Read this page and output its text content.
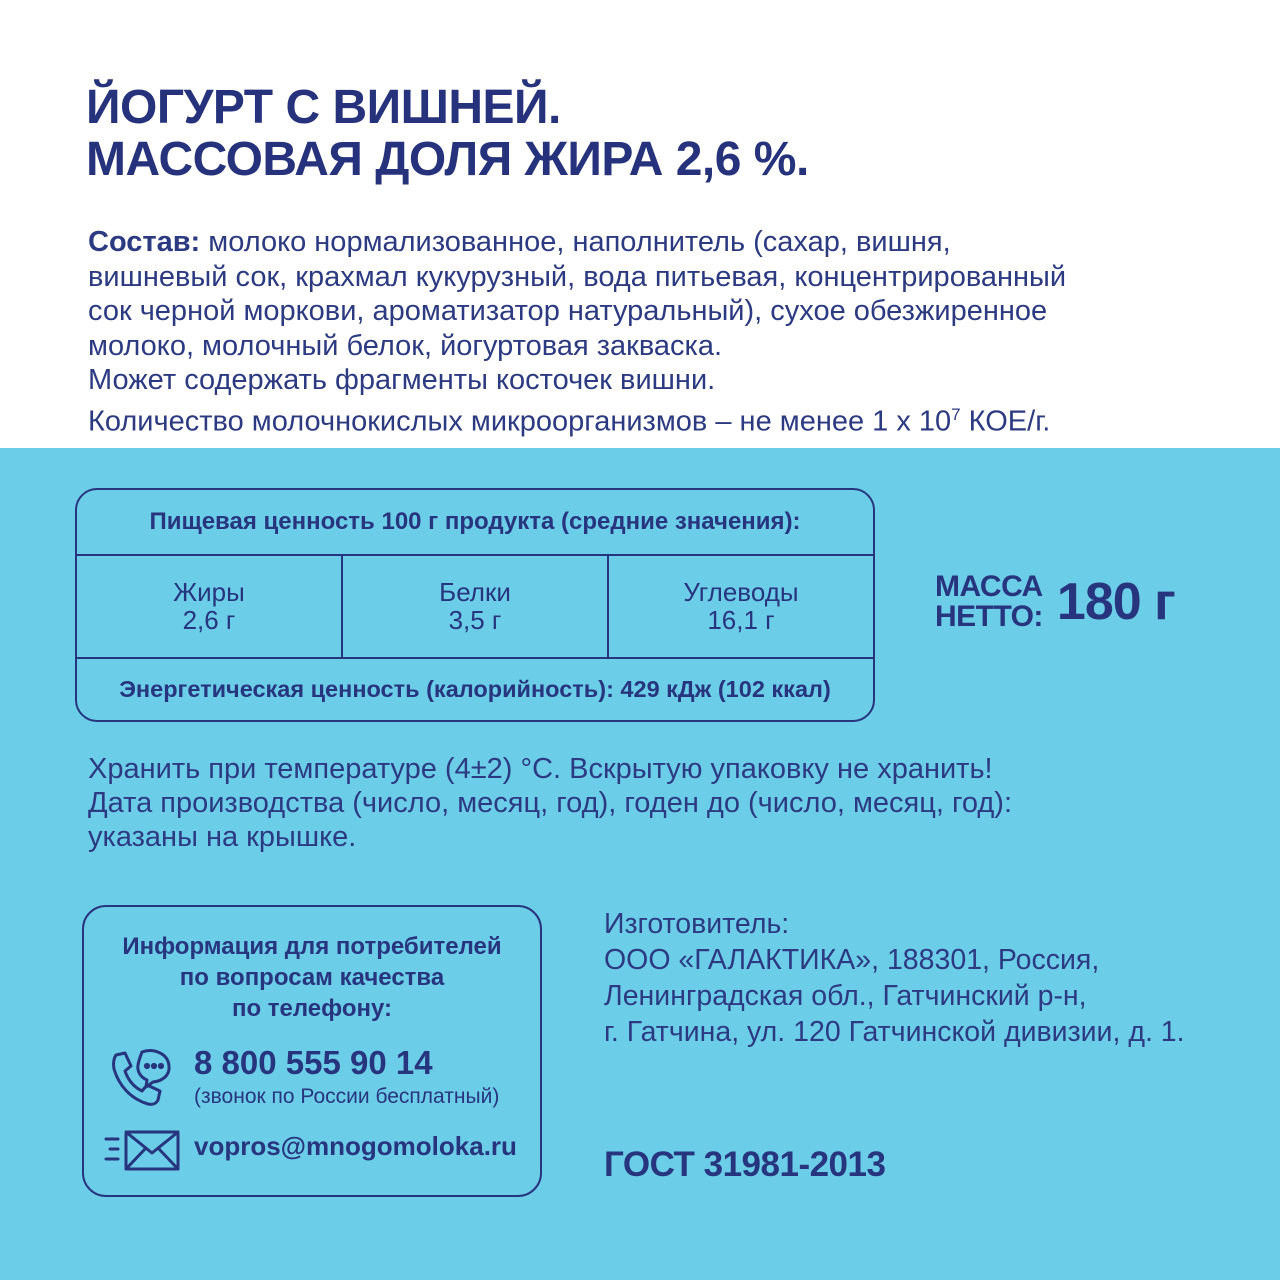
ЙОГУРТ С ВИШНЕЙ.
МАССОВАЯ ДОЛЯ ЖИРА 2,6 %.

Состав: молоко нормализованное, наполнитель (сахар, вишня,

вишневый сок, крахмал кукурузный, вода питьевая, концентрированный

сок черной моркови, ароматизатор натуральный), сухое обезжиренное

молоко, молочный белок, йогуртовая закваска.

Может содержать фрагменты косточек вишни.

Количество молочнокислых микроорганизмов – не менее 1 х $10^7$ КОЕ/г.

Пищевая ценность 100 г продукта (средние значения):
Жиры
2,6 г
Белки
3,5 г
Углеводы
16,1 г
Энергетическая ценность (калорийность): 429 кДж (102 ккал)
МАССА
НЕТТО: 180 г

Хранить при температуре (4±2) °С. Вскрытую упаковку не хранить!

Дата производства (число, месяц, год), годен до (число, месяц, год):

указаны на крышке.

Информация для потребителей
по вопросам качества
по телефону:
8 800 555 90 14
(звонок по России бесплатный)
vopros@mnogomoloka.ru

Изготовитель:

ООО «ГАЛАКТИКА», 188301, Россия,

Ленинградская обл., Гатчинский р-н,

г. Гатчина, ул. 120 Гатчинской дивизии, д. 1.

ГОСТ 31981-2013
